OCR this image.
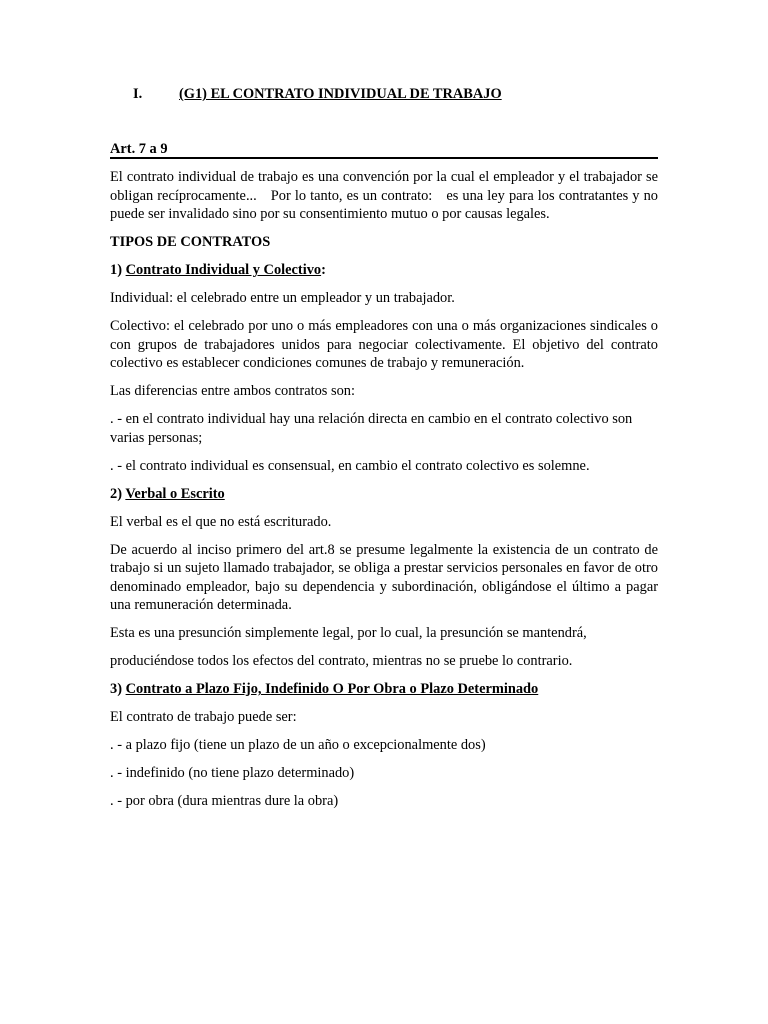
I.	(G1) EL CONTRATO INDIVIDUAL DE TRABAJO
Art. 7 a 9

El contrato individual de trabajo es una convención por la cual el empleador y el trabajador se obligan recíprocamente... Por lo tanto, es un contrato: es una ley para los contratantes y no puede ser invalidado sino por su consentimiento mutuo o por causas legales.

TIPOS DE CONTRATOS

1) Contrato Individual y Colectivo:

Individual: el celebrado entre un empleador y un trabajador.

Colectivo: el celebrado por uno o más empleadores con una o más organizaciones sindicales o con grupos de trabajadores unidos para negociar colectivamente. El objetivo del contrato colectivo es establecer condiciones comunes de trabajo y remuneración.

Las diferencias entre ambos contratos son:

. - en el contrato individual hay una relación directa en cambio en el contrato colectivo son varias personas;

. - el contrato individual es consensual, en cambio el contrato colectivo es solemne.

2) Verbal o Escrito

El verbal es el que no está escriturado.

De acuerdo al inciso primero del art.8 se presume legalmente la existencia de un contrato de trabajo si un sujeto llamado trabajador, se obliga a prestar servicios personales en favor de otro denominado empleador, bajo su dependencia y subordinación, obligándose el último a pagar una remuneración determinada.

Esta es una presunción simplemente legal, por lo cual, la presunción se mantendrá,

produciéndose todos los efectos del contrato, mientras no se pruebe lo contrario.

3) Contrato a Plazo Fijo, Indefinido O Por Obra o Plazo Determinado

El contrato de trabajo puede ser:

. - a plazo fijo (tiene un plazo de un año o excepcionalmente dos)

. - indefinido (no tiene plazo determinado)

. - por obra (dura mientras dure la obra)
